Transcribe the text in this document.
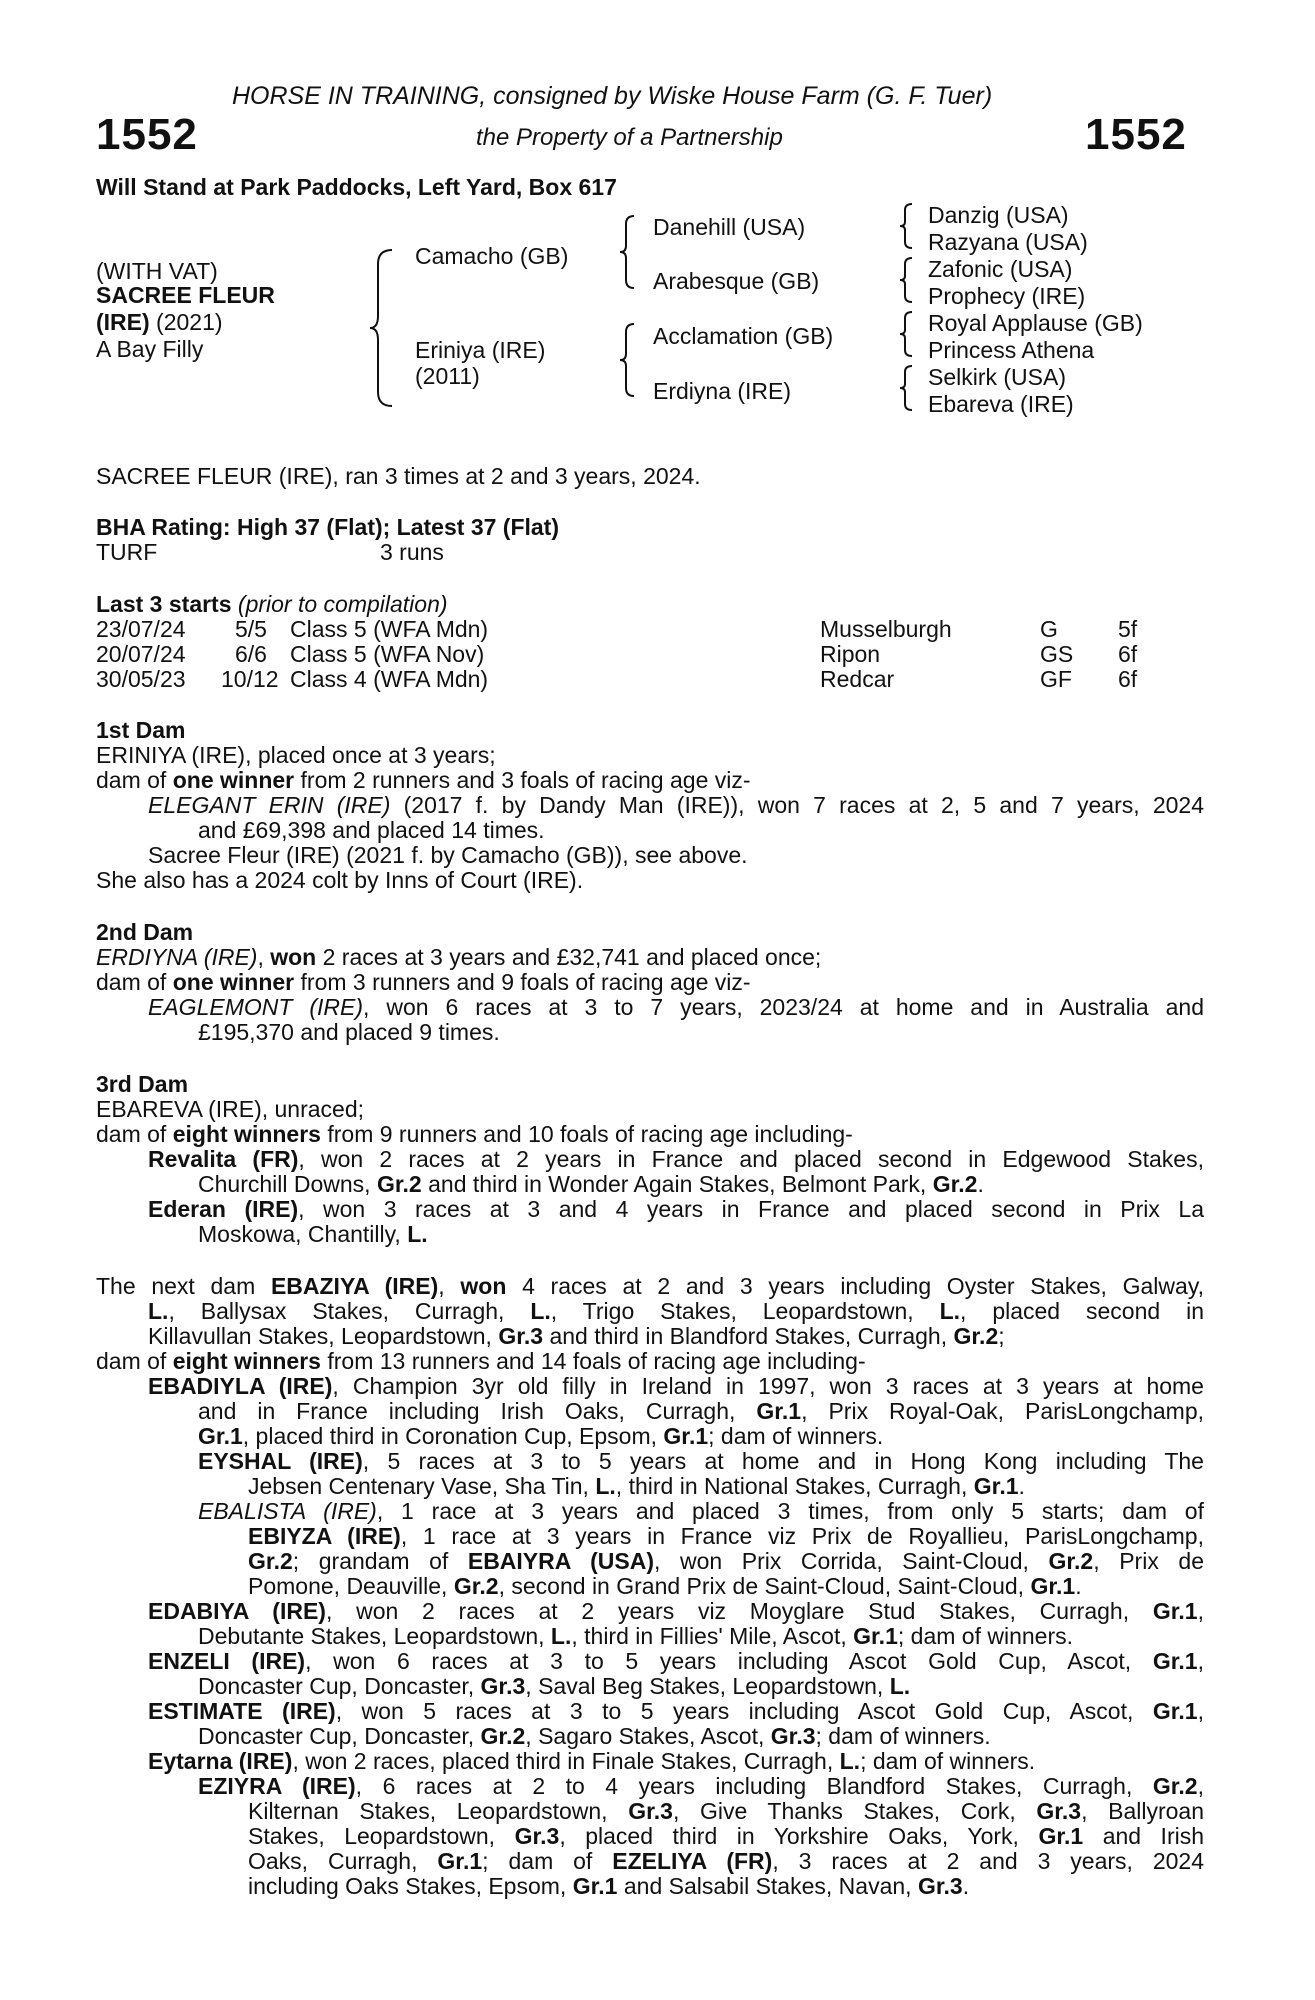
HORSE IN TRAINING, consigned by Wiske House Farm (G. F. Tuer)
1552	the Property of a Partnership	1552
Will Stand at Park Paddocks, Left Yard, Box 617
(WITH VAT)
SACREE FLEUR
(IRE) (2021)
A Bay Filly
Camacho (GB)
Eriniya (IRE)
(2011)
Danehill (USA)
Arabesque (GB)
Acclamation (GB)
Erdiyna (IRE)
Danzig (USA)
Razyana (USA)
Zafonic (USA)
Prophecy (IRE)
Royal Applause (GB)
Princess Athena
Selkirk (USA)
Ebareva (IRE)
SACREE FLEUR (IRE), ran 3 times at 2 and 3 years, 2024.
BHA Rating: High 37 (Flat); Latest 37 (Flat)
TURF	3 runs
Last 3 starts (prior to compilation)
23/07/24 5/5 Class 5 (WFA Mdn)	Musselburgh	G	5f
20/07/24 6/6 Class 5 (WFA Nov)	Ripon	GS 6f
30/05/23 10/12 Class 4 (WFA Mdn)	Redcar	GF 6f
1st Dam
ERINIYA (IRE), placed once at 3 years;
dam of one winner from 2 runners and 3 foals of racing age viz-
ELEGANT ERIN (IRE) (2017 f. by Dandy Man (IRE)), won 7 races at 2, 5 and 7 years, 2024
and £69,398 and placed 14 times.
Sacree Fleur (IRE) (2021 f. by Camacho (GB)), see above.
She also has a 2024 colt by Inns of Court (IRE).
2nd Dam
ERDIYNA (IRE), won 2 races at 3 years and £32,741 and placed once;
dam of one winner from 3 runners and 9 foals of racing age viz-
EAGLEMONT (IRE), won 6 races at 3 to 7 years, 2023/24 at home and in Australia and
£195,370 and placed 9 times.
3rd Dam
EBAREVA (IRE), unraced;
dam of eight winners from 9 runners and 10 foals of racing age including-
Revalita (FR), won 2 races at 2 years in France and placed second in Edgewood Stakes,
Churchill Downs, Gr.2 and third in Wonder Again Stakes, Belmont Park, Gr.2.
Ederan (IRE), won 3 races at 3 and 4 years in France and placed second in Prix La
Moskowa, Chantilly, L.
The next dam EBAZIYA (IRE), won 4 races at 2 and 3 years including Oyster Stakes, Galway,
L., Ballysax Stakes, Curragh, L., Trigo Stakes, Leopardstown, L., placed second in
Killavullan Stakes, Leopardstown, Gr.3 and third in Blandford Stakes, Curragh, Gr.2;
dam of eight winners from 13 runners and 14 foals of racing age including-
EBADIYLA (IRE), Champion 3yr old filly in Ireland in 1997, won 3 races at 3 years at home
and in France including Irish Oaks, Curragh, Gr.1, Prix Royal-Oak, ParisLongchamp,
Gr.1, placed third in Coronation Cup, Epsom, Gr.1; dam of winners.
EYSHAL (IRE), 5 races at 3 to 5 years at home and in Hong Kong including The
Jebsen Centenary Vase, Sha Tin, L., third in National Stakes, Curragh, Gr.1.
EBALISTA (IRE), 1 race at 3 years and placed 3 times, from only 5 starts; dam of
EBIYZA (IRE), 1 race at 3 years in France viz Prix de Royallieu, ParisLongchamp,
Gr.2; grandam of EBAIYRA (USA), won Prix Corrida, Saint-Cloud, Gr.2, Prix de
Pomone, Deauville, Gr.2, second in Grand Prix de Saint-Cloud, Saint-Cloud, Gr.1.
EDABIYA (IRE), won 2 races at 2 years viz Moyglare Stud Stakes, Curragh, Gr.1,
Debutante Stakes, Leopardstown, L., third in Fillies' Mile, Ascot, Gr.1; dam of winners.
ENZELI (IRE), won 6 races at 3 to 5 years including Ascot Gold Cup, Ascot, Gr.1,
Doncaster Cup, Doncaster, Gr.3, Saval Beg Stakes, Leopardstown, L.
ESTIMATE (IRE), won 5 races at 3 to 5 years including Ascot Gold Cup, Ascot, Gr.1,
Doncaster Cup, Doncaster, Gr.2, Sagaro Stakes, Ascot, Gr.3; dam of winners.
Eytarna (IRE), won 2 races, placed third in Finale Stakes, Curragh, L.; dam of winners.
EZIYRA (IRE), 6 races at 2 to 4 years including Blandford Stakes, Curragh, Gr.2,
Kilternan Stakes, Leopardstown, Gr.3, Give Thanks Stakes, Cork, Gr.3, Ballyroan
Stakes, Leopardstown, Gr.3, placed third in Yorkshire Oaks, York, Gr.1 and Irish
Oaks, Curragh, Gr.1; dam of EZELIYA (FR), 3 races at 2 and 3 years, 2024
including Oaks Stakes, Epsom, Gr.1 and Salsabil Stakes, Navan, Gr.3.
